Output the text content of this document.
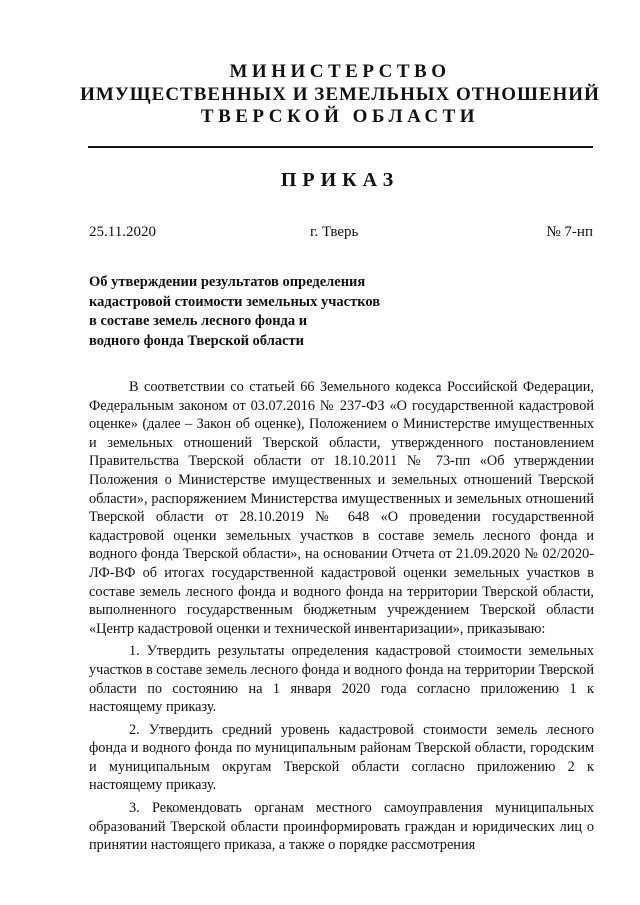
МИНИСТЕРСТВО
ИМУЩЕСТВЕННЫХ И ЗЕМЕЛЬНЫХ ОТНОШЕНИЙ
ТВЕРСКОЙ ОБЛАСТИ
ПРИКАЗ
25.11.2020	г. Тверь	№ 7-нп
Об утверждении результатов определения
кадастровой стоимости земельных участков
в составе земель лесного фонда и
водного фонда Тверской области

В соответствии со статьей 66 Земельного кодекса Российской Федерации, Федеральным законом от 03.07.2016 № 237-ФЗ «О государственной кадастровой оценке» (далее – Закон об оценке), Положением о Министерстве имущественных и земельных отношений Тверской области, утвержденного постановлением Правительства Тверской области от 18.10.2011 № 73-пп «Об утверждении Положения о Министерстве имущественных и земельных отношений Тверской области», распоряжением Министерства имущественных и земельных отношений Тверской области от 28.10.2019 № 648 «О проведении государственной кадастровой оценки земельных участков в составе земель лесного фонда и водного фонда Тверской области», на основании Отчета от 21.09.2020 № 02/2020-ЛФ-ВФ об итогах государственной кадастровой оценки земельных участков в составе земель лесного фонда и водного фонда на территории Тверской области, выполненного государственным бюджетным учреждением Тверской области «Центр кадастровой оценки и технической инвентаризации», приказываю:

1. Утвердить результаты определения кадастровой стоимости земельных участков в составе земель лесного фонда и водного фонда на территории Тверской области по состоянию на 1 января 2020 года согласно приложению 1 к настоящему приказу.

2. Утвердить средний уровень кадастровой стоимости земель лесного фонда и водного фонда по муниципальным районам Тверской области, городским и муниципальным округам Тверской области согласно приложению 2 к настоящему приказу.

3. Рекомендовать органам местного самоуправления муниципальных образований Тверской области проинформировать граждан и юридических лиц о принятии настоящего приказа, а также о порядке рассмотрения
